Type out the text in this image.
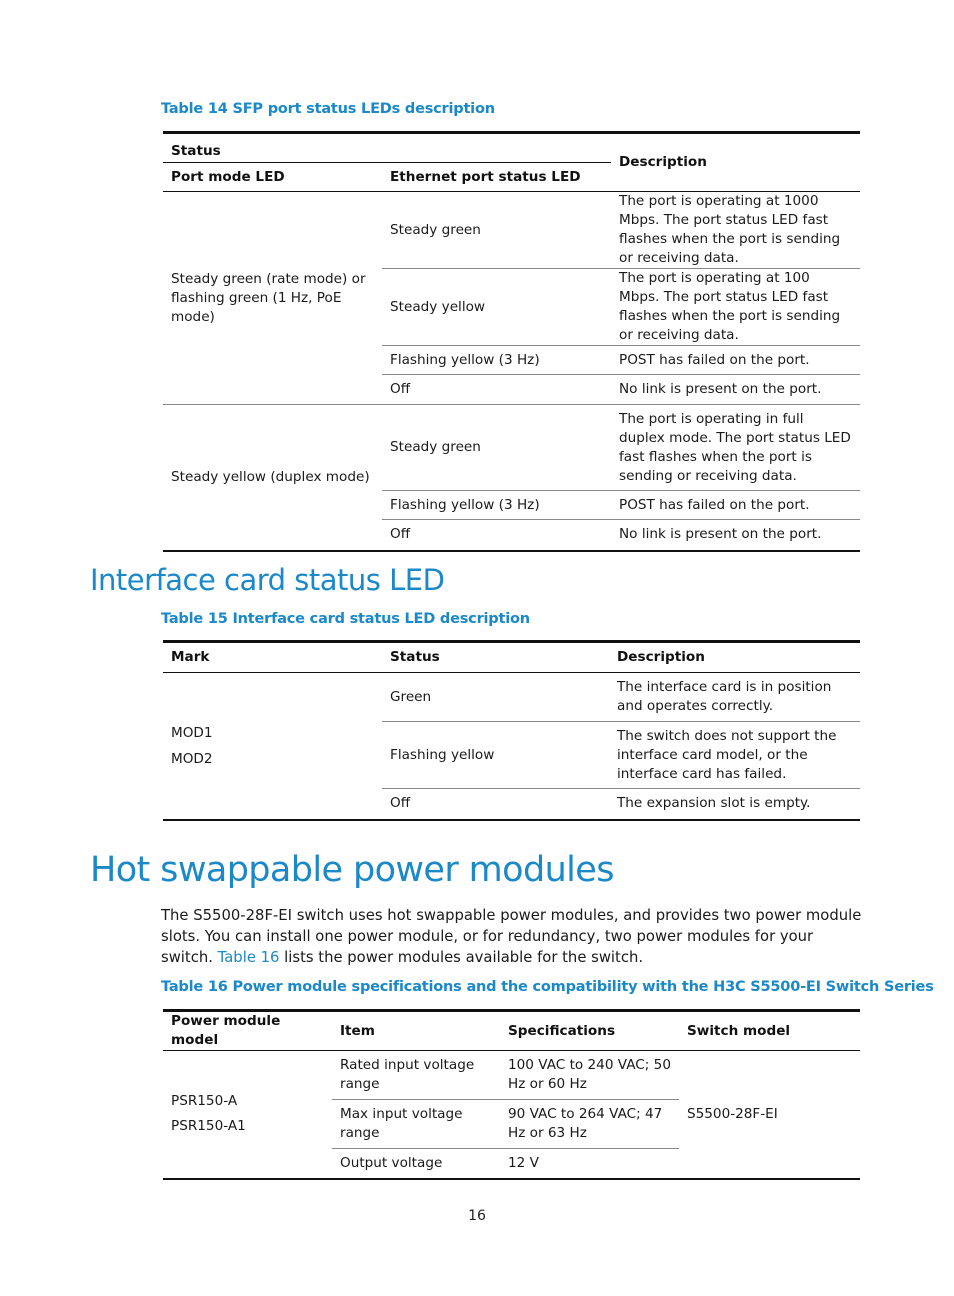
Table 14 SFP port status LEDs description
Status		Description
Port mode LED	Ethernet port status LED	
Steady green (rate mode) or flashing green (1 Hz, PoE mode)	Steady green	The port is operating at 1000 Mbps. The port status LED fast flashes when the port is sending or receiving data.
	Steady yellow	The port is operating at 100 Mbps. The port status LED fast flashes when the port is sending or receiving data.
	Flashing yellow (3 Hz)	POST has failed on the port.
	Off	No link is present on the port.
Steady yellow (duplex mode)	Steady green	The port is operating in full duplex mode. The port status LED fast flashes when the port is sending or receiving data.
	Flashing yellow (3 Hz)	POST has failed on the port.
	Off	No link is present on the port.
Interface card status LED
Table 15 Interface card status LED description
Mark	Status	Description

MOD1
MOD2	Green	The interface card is in position and operates correctly.
	Flashing yellow	The switch does not support the interface card model, or the interface card has failed.
	Off	The expansion slot is empty.
Hot swappable power modules
The S5500-28F-EI switch uses hot swappable power modules, and provides two power module slots. You can install one power module, or for redundancy, two power modules for your switch. Table 16 lists the power modules available for the switch.
Table 16 Power module specifications and the compatibility with the H3C S5500-EI Switch Series
Power module model	Item	Specifications	Switch model

PSR150-A
PSR150-A1	Rated input voltage range	100 VAC to 240 VAC; 50 Hz or 60 Hz	S5500-28F-EI
	Max input voltage range	90 VAC to 264 VAC; 47 Hz or 63 Hz	
	Output voltage	12 V	
16
